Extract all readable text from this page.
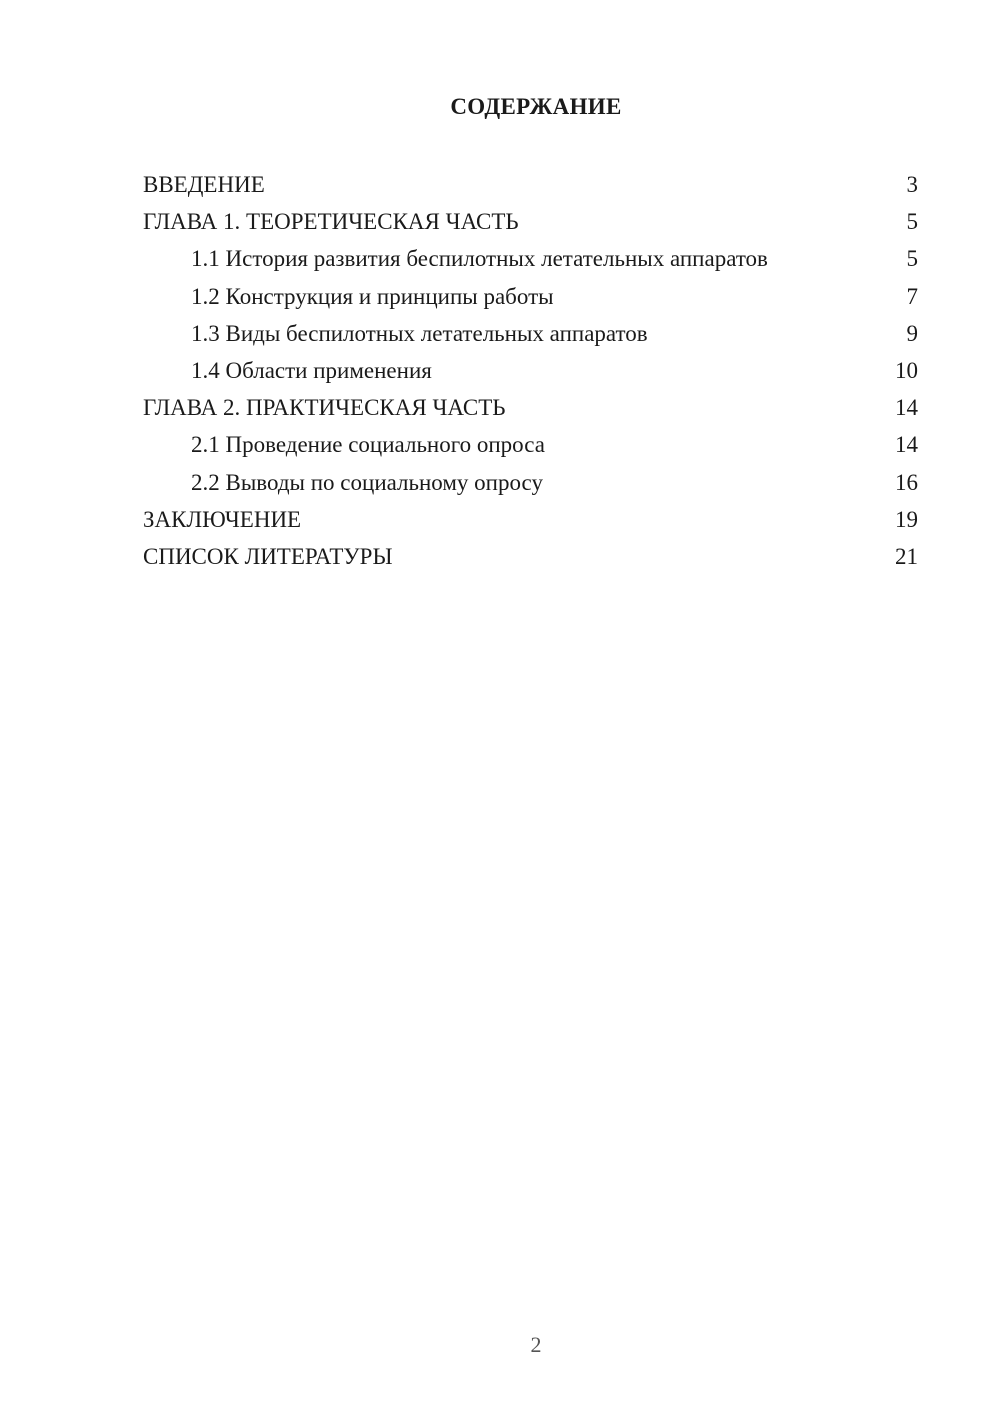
СОДЕРЖАНИЕ
ВВЕДЕНИЕ	3
ГЛАВА 1. ТЕОРЕТИЧЕСКАЯ ЧАСТЬ	5
1.1 История развития беспилотных летательных аппаратов	5
1.2 Конструкция и принципы работы	7
1.3 Виды беспилотных летательных аппаратов	9
1.4 Области применения	10
ГЛАВА 2. ПРАКТИЧЕСКАЯ ЧАСТЬ	14
2.1 Проведение социального опроса	14
2.2 Выводы по социальному опросу	16
ЗАКЛЮЧЕНИЕ	19
СПИСОК ЛИТЕРАТУРЫ	21
2
